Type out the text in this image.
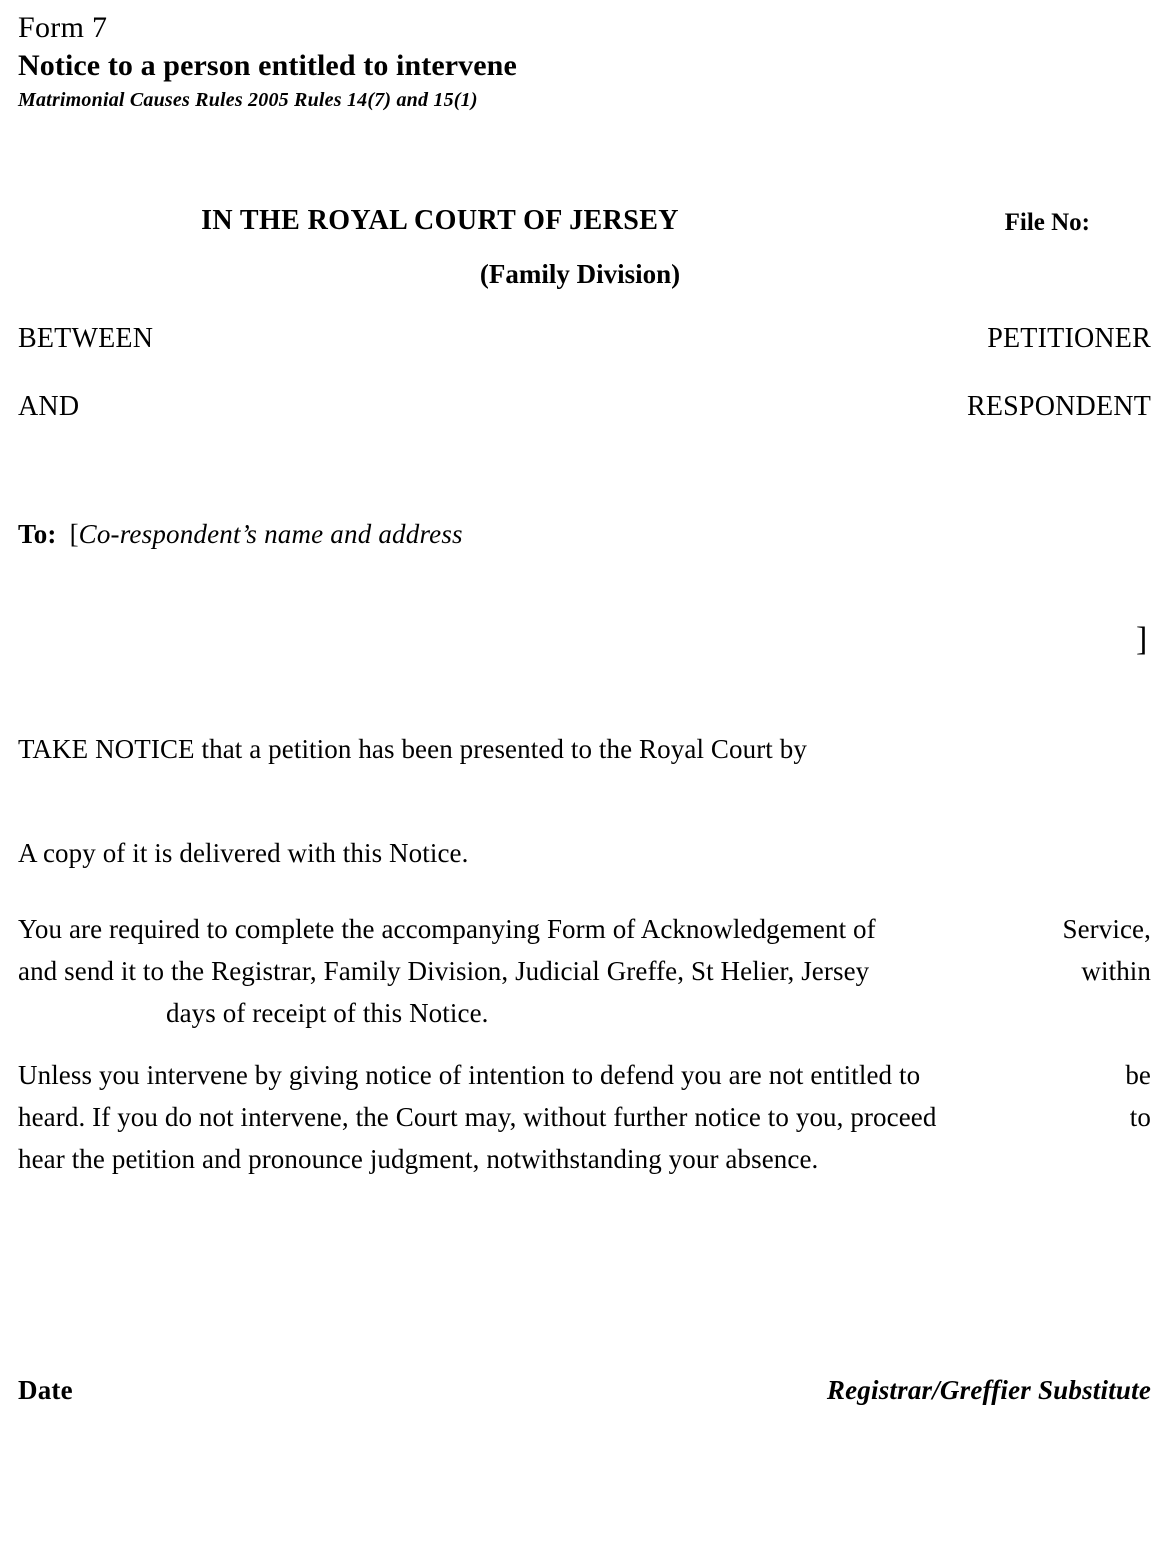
Form 7
Notice to a person entitled to intervene
Matrimonial Causes Rules 2005 Rules 14(7) and 15(1)
IN THE ROYAL COURT OF JERSEY	File No:
(Family Division)
BETWEEN	PETITIONER
AND	RESPONDENT
To: [Co-respondent’s name and address
]
TAKE NOTICE that a petition has been presented to the Royal Court by
A copy of it is delivered with this Notice.
You are required to complete the accompanying Form of Acknowledgement of	Service,
and send it to the Registrar, Family Division, Judicial Greffe, St Helier, Jersey	within
days of receipt of this Notice.
Unless you intervene by giving notice of intention to defend you are not entitled to	be
heard. If you do not intervene, the Court may, without further notice to you, proceed	to
hear the petition and pronounce judgment, notwithstanding your absence.
Date	Registrar/Greffier Substitute
